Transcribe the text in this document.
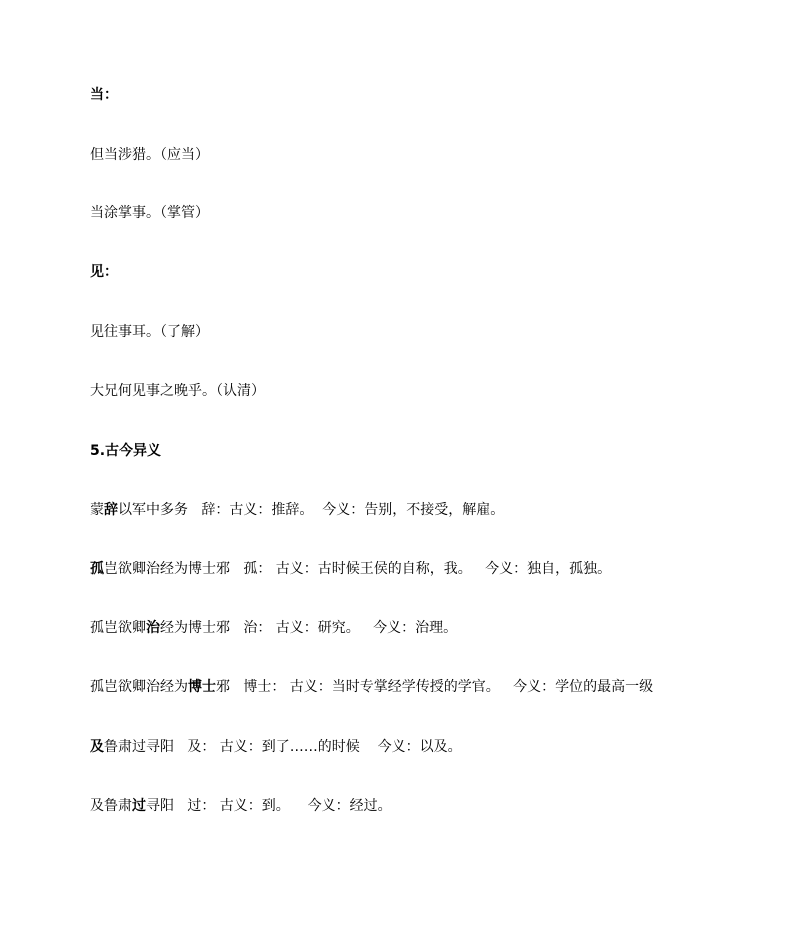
当：
但当涉猎。（应当）
当涂掌事。（掌管）
见：
见往事耳。（了解）
大兄何见事之晚乎。（认清）
5.古今异义
蒙辞以军中多务   辞：古义：推辞。  今义：告别，不接受，解雇。
孤岂欲卿治经为博士邪   孤： 古义：古时候王侯的自称，我。   今义：独自，孤独。
孤岂欲卿治经为博士邪   治： 古义：研究。   今义：治理。
孤岂欲卿治经为博士邪   博士： 古义：当时专掌经学传授的学官。   今义：学位的最高一级
及鲁肃过寻阳   及： 古义：到了……的时候    今义：以及。
及鲁肃过寻阳   过： 古义：到。    今义：经过。
